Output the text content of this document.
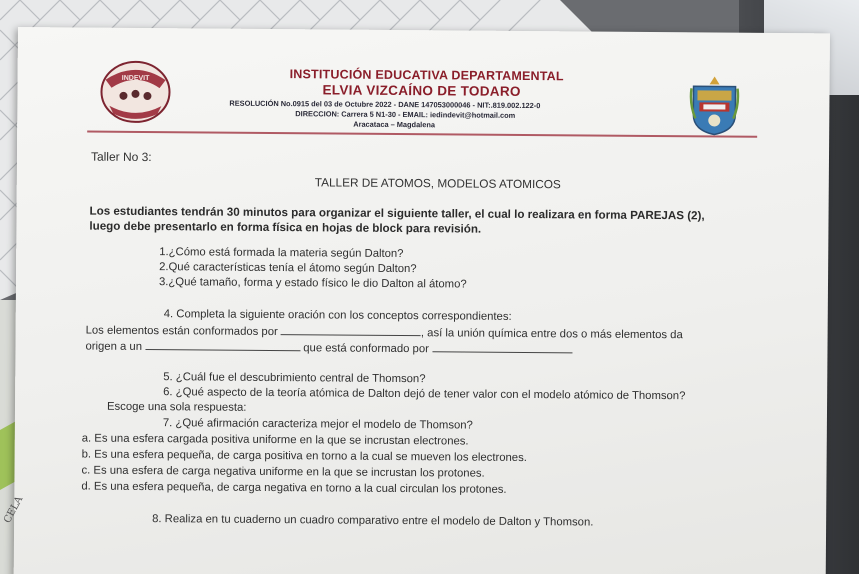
INDEVIT	INSTITUCIÓN EDUCATIVA DEPARTAMENTAL
ELVIA VIZCAÍNO DE TODARO
RESOLUCIÓN No.0915 del 03 de Octubre 2022 - DANE 147053000046 - NIT:.819.002.122-0
DIRECCION: Carrera 5 N1-30 - EMAIL: iedindevit@hotmail.com
Aracataca – Magdalena
Taller No 3:
TALLER DE ATOMOS, MODELOS ATOMICOS
Los estudiantes tendrán 30 minutos para organizar el siguiente taller, el cual lo realizara en forma PAREJAS (2),
luego debe presentarlo en forma física en hojas de block para revisión.
1.¿Cómo está formada la materia según Dalton?
2.Qué características tenía el átomo según Dalton?
3.¿Qué tamaño, forma y estado físico le dio Dalton al átomo?
4. Completa la siguiente oración con los conceptos correspondientes:
Los elementos están conformados por	, así la unión química entre dos o más elementos da
origen a un	que está conformado por
5. ¿Cuál fue el descubrimiento central de Thomson?
6. ¿Qué aspecto de la teoría atómica de Dalton dejó de tener valor con el modelo atómico de Thomson?
Escoge una sola respuesta:
7. ¿Qué afirmación caracteriza mejor el modelo de Thomson?
a. Es una esfera cargada positiva uniforme en la que se incrustan electrones.
b. Es una esfera pequeña, de carga positiva en torno a la cual se mueven los electrones.
c. Es una esfera de carga negativa uniforme en la que se incrustan los protones.
d. Es una esfera pequeña, de carga negativa en torno a la cual circulan los protones.
8. Realiza en tu cuaderno un cuadro comparativo entre el modelo de Dalton y Thomson.
CELA
